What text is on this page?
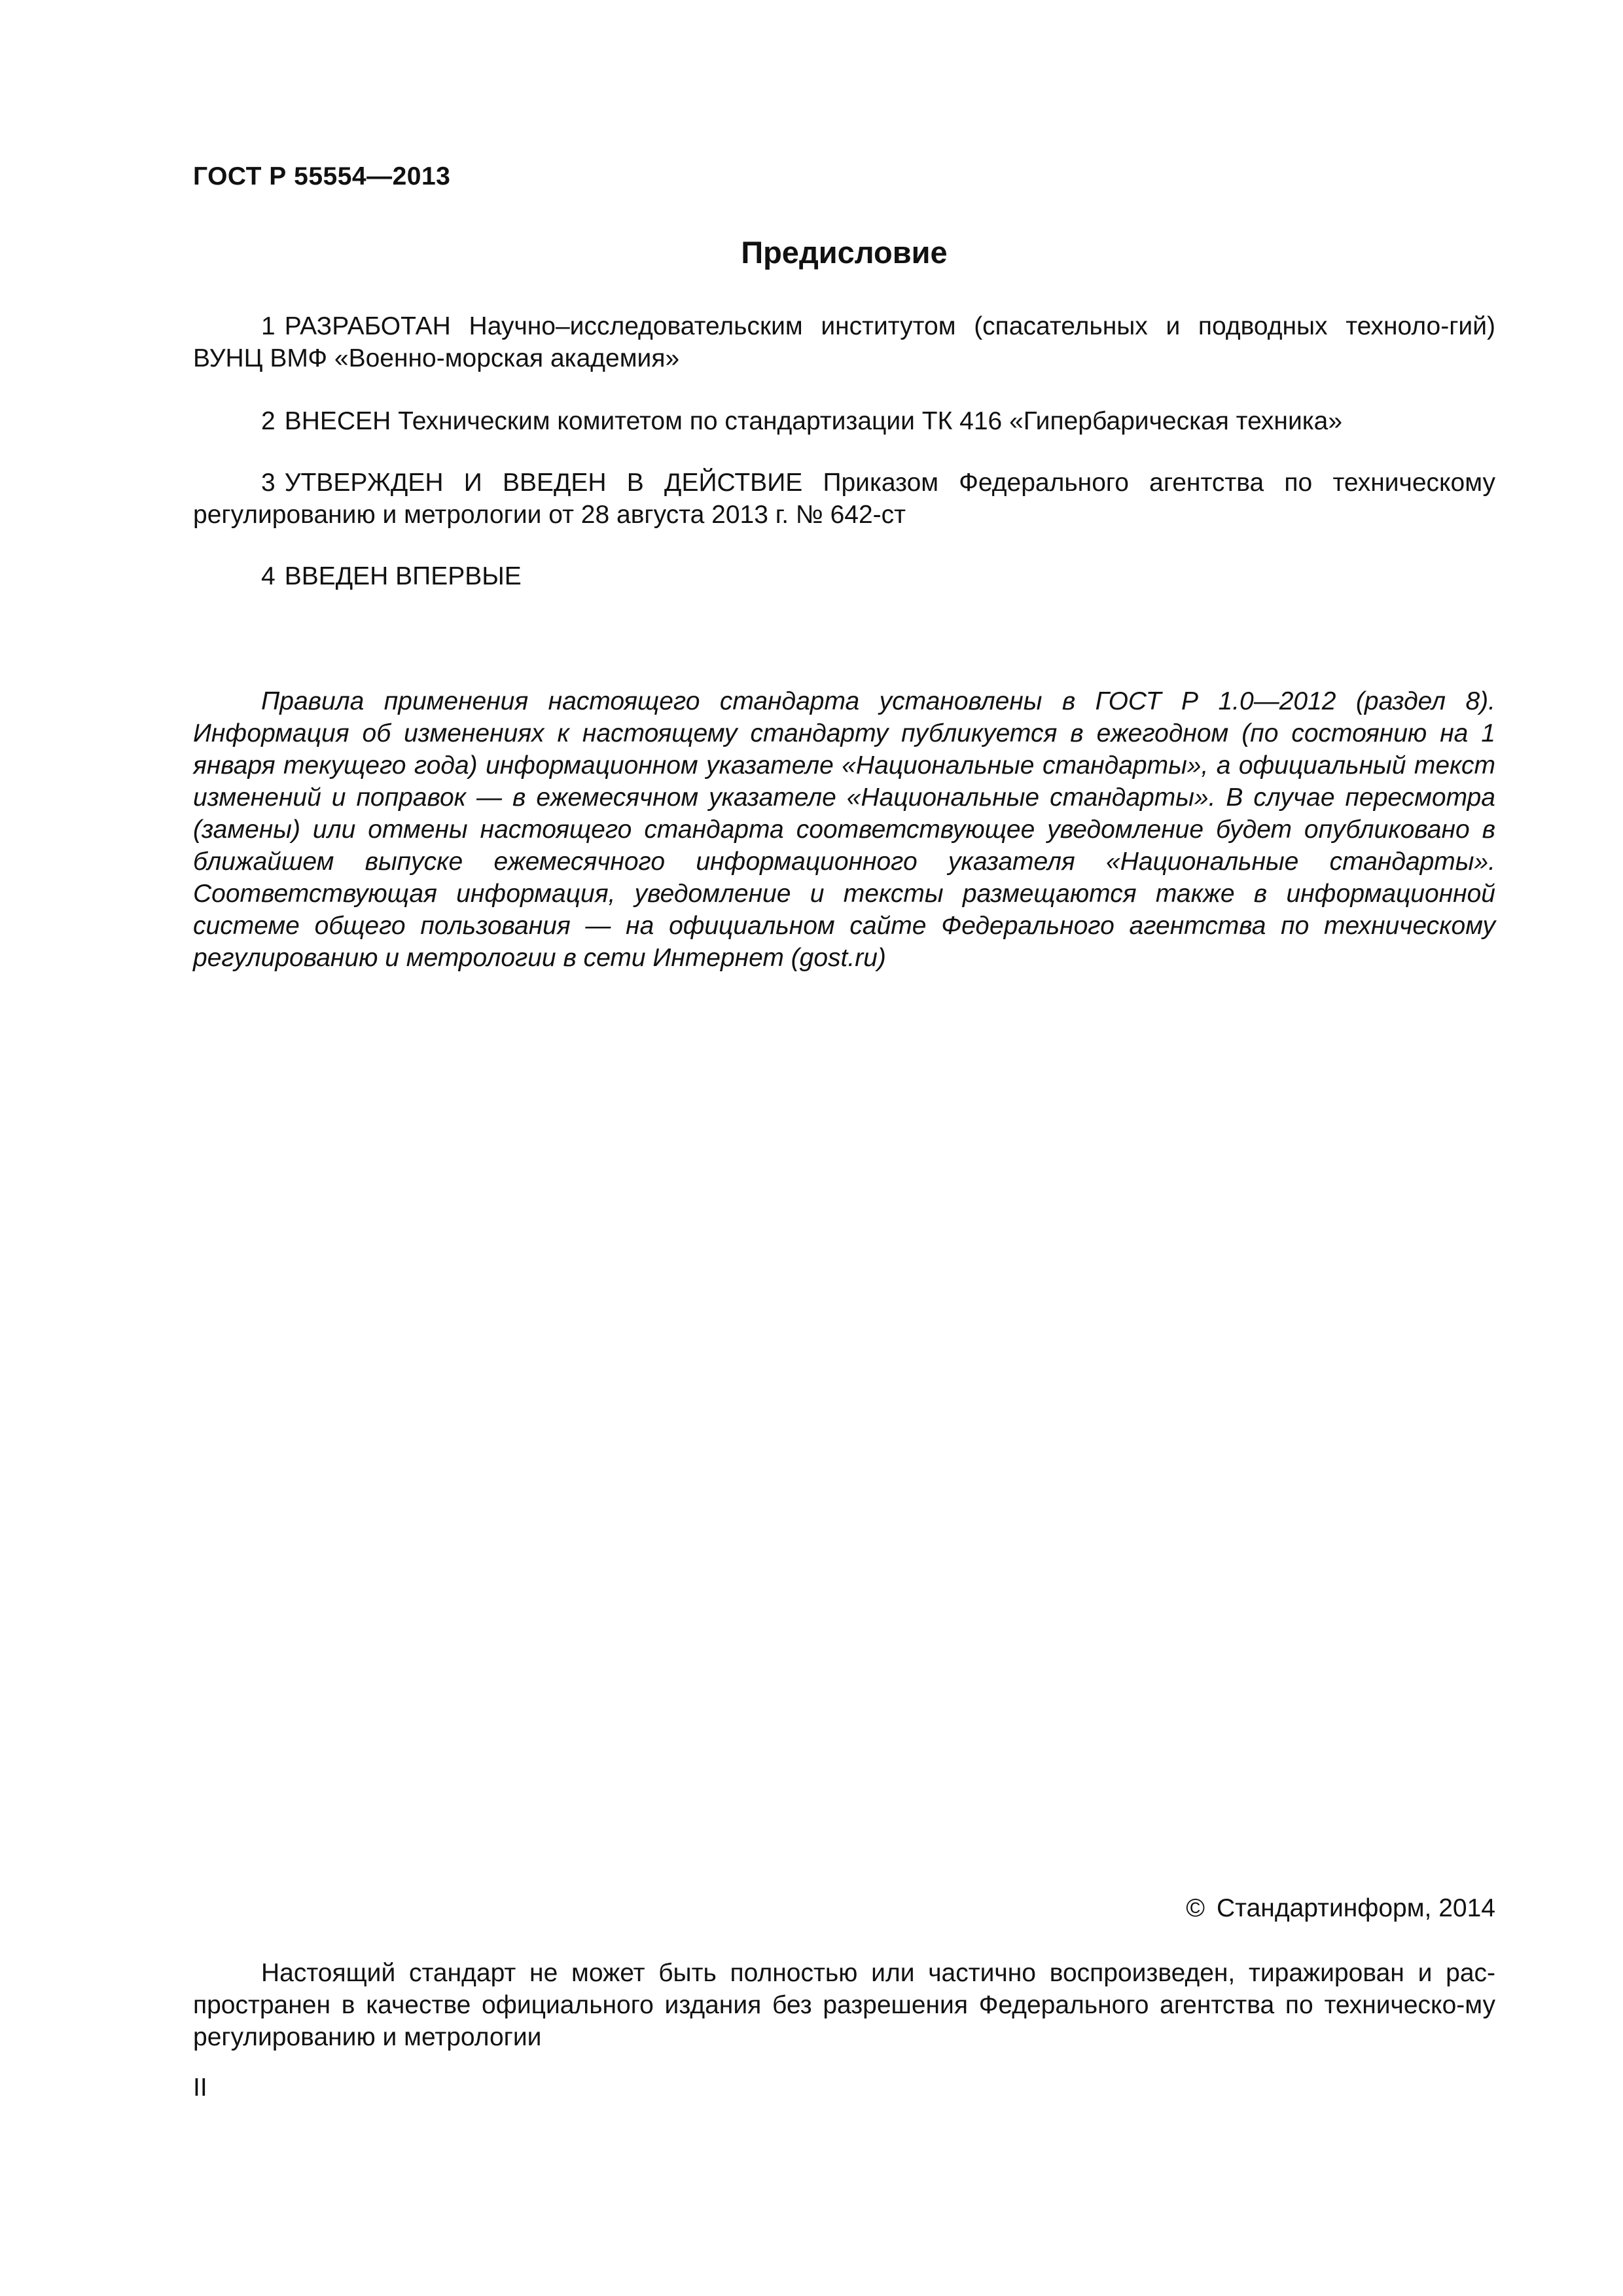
ГОСТ Р 55554—2013
Предисловие

1 РАЗРАБОТАН Научно–исследовательским институтом (спасательных и подводных техноло-гий) ВУНЦ ВМФ «Военно-морская академия»

2 ВНЕСЕН Техническим комитетом по стандартизации ТК 416 «Гипербарическая техника»

3 УТВЕРЖДЕН И ВВЕДЕН В ДЕЙСТВИЕ Приказом Федерального агентства по техническому регулированию и метрологии от 28 августа 2013 г. № 642-ст

4 ВВЕДЕН ВПЕРВЫЕ

Правила применения настоящего стандарта установлены в ГОСТ Р 1.0—2012 (раздел 8). Информация об изменениях к настоящему стандарту публикуется в ежегодном (по состоянию на 1 января текущего года) информационном указателе «Национальные стандарты», а официальный текст изменений и поправок — в ежемесячном указателе «Национальные стандарты». В случае пересмотра (замены) или отмены настоящего стандарта соответствующее уведомление будет опубликовано в ближайшем выпуске ежемесячного информационного указателя «Национальные стандарты». Соответствующая информация, уведомление и тексты размещаются также в информационной системе общего пользования — на официальном сайте Федерального агентства по техническому регулированию и метрологии в сети Интернет (gost.ru)

© Стандартинформ, 2014

Настоящий стандарт не может быть полностью или частично воспроизведен, тиражирован и рас-пространен в качестве официального издания без разрешения Федерального агентства по техническо-му регулированию и метрологии

II
